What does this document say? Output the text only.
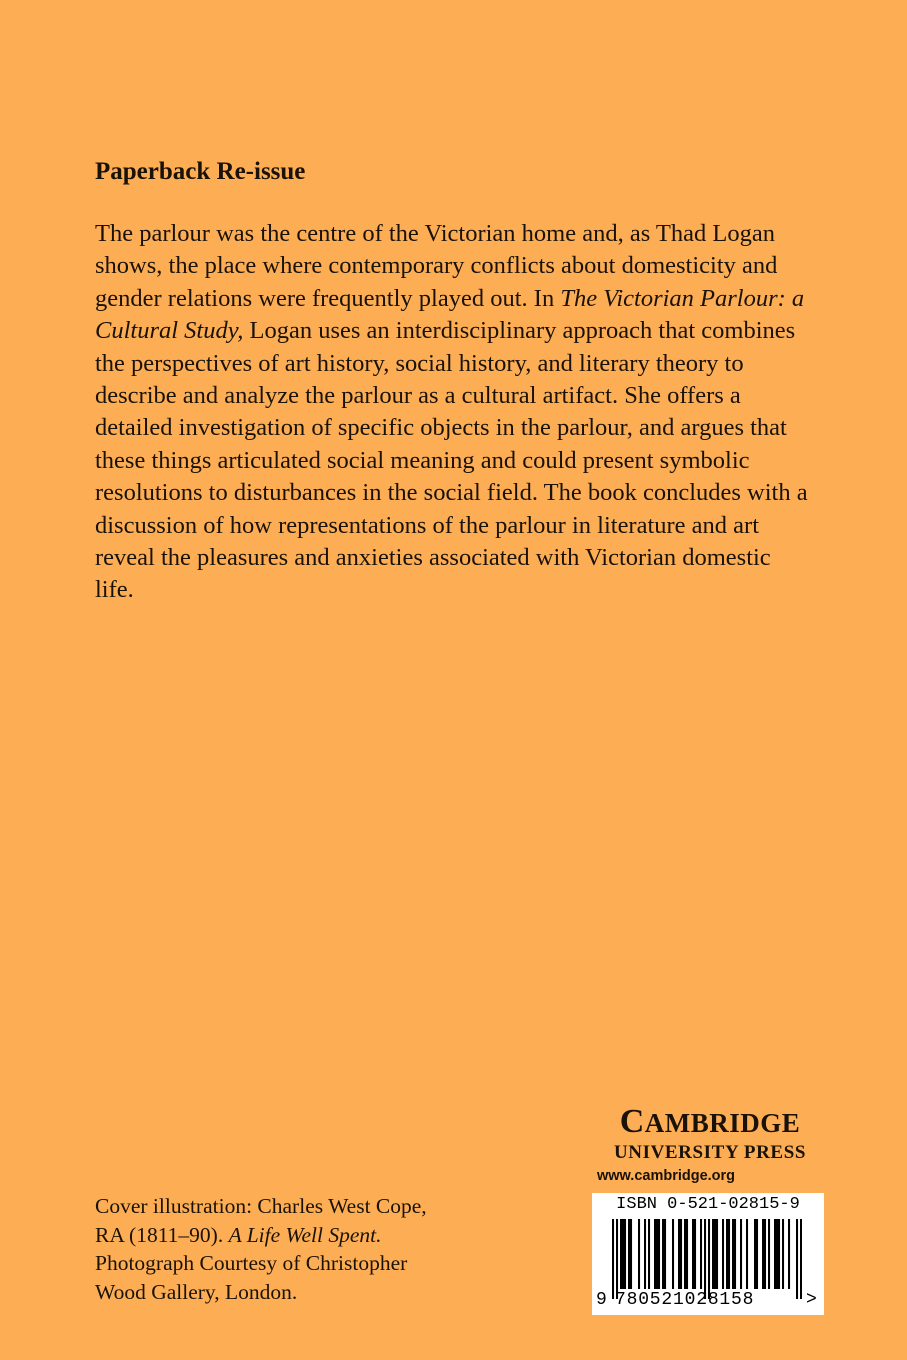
Paperback Re-issue

The parlour was the centre of the Victorian home and, as Thad Logan shows, the place where contemporary conflicts about domesticity and gender relations were frequently played out. In The Victorian Parlour: a Cultural Study, Logan uses an interdisciplinary approach that combines the perspectives of art history, social history, and literary theory to describe and analyze the parlour as a cultural artifact. She offers a detailed investigation of specific objects in the parlour, and argues that these things articulated social meaning and could present symbolic resolutions to disturbances in the social field. The book concludes with a discussion of how representations of the parlour in literature and art reveal the pleasures and anxieties associated with Victorian domestic life.

Cover illustration: Charles West Cope, RA (1811–90). A Life Well Spent. Photograph Courtesy of Christopher Wood Gallery, London.

CAMBRIDGE
UNIVERSITY PRESS
www.cambridge.org
ISBN 0-521-02815-9
9 780521028158	>
